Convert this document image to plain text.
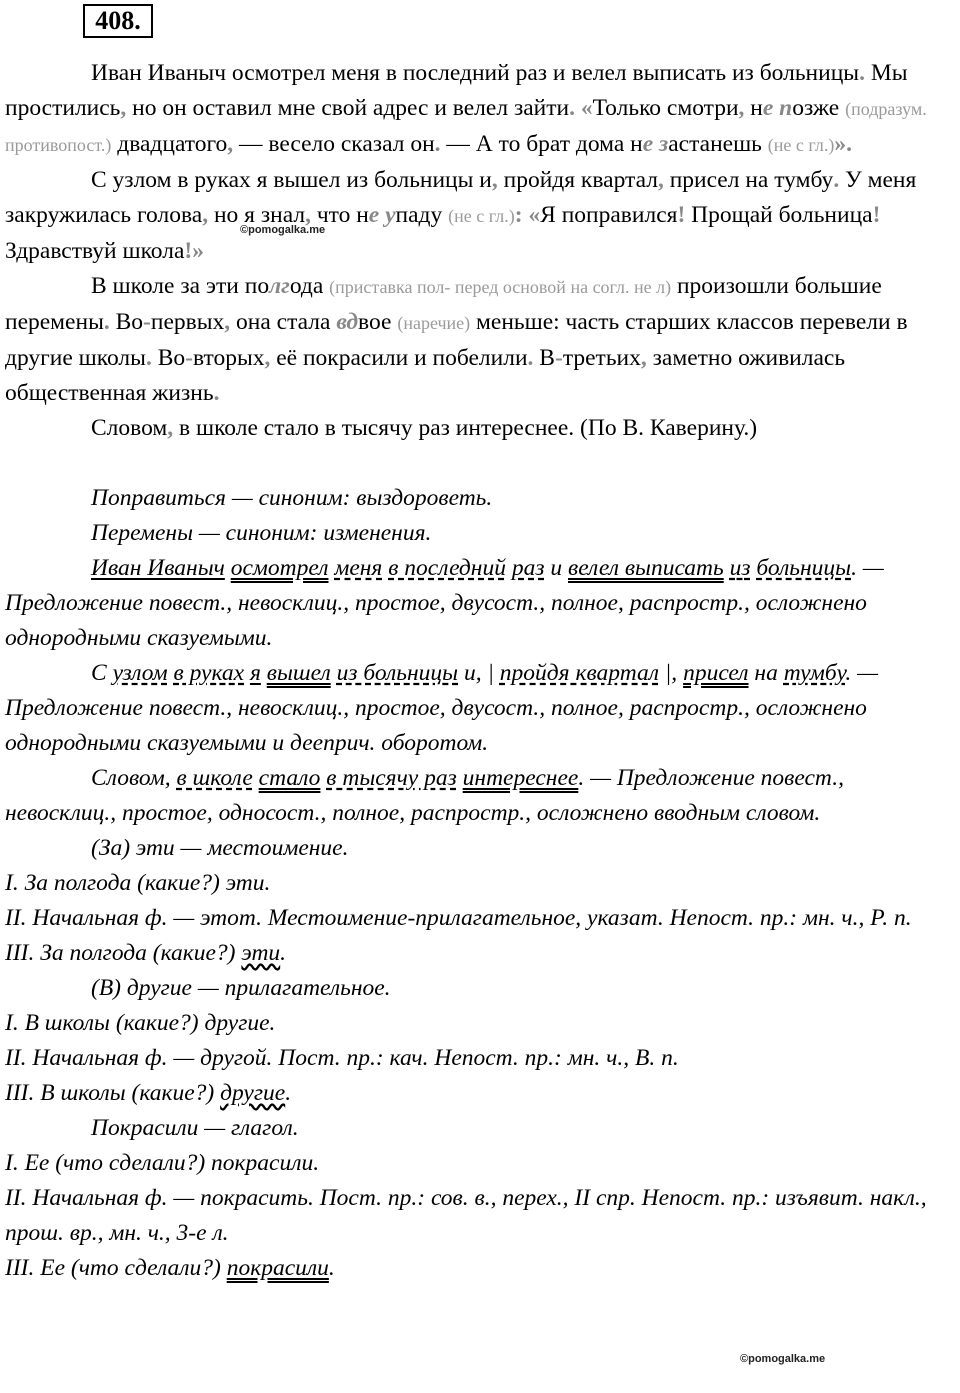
408.
©pomogalka.me
©pomogalka.me

Иван Иваныч осмотрел меня в последний раз и велел выписать из больницы. Мы простились, но он оставил мне свой адрес и велел зайти. «Только смотри, не позже (подразум. противопост.) двадцатого, — весело сказал он. — А то брат дома не застанешь (не с гл.)».

С узлом в руках я вышел из больницы и, пройдя квартал, присел на тумбу. У меня закружилась голова, но я знал, что не упаду (не с гл.): «Я поправился! Прощай больница! Здравствуй школа!»

В школе за эти полгода (приставка пол- перед основой на согл. не л) произошли большие перемены. Во-первых, она стала вдвое (наречие) меньше: часть старших классов перевели в другие школы. Во-вторых, её покрасили и побелили. В-третьих, заметно оживилась общественная жизнь.

Словом, в школе стало в тысячу раз интереснее. (По В. Каверину.)

Поправиться — синоним: выздороветь.

Перемены — синоним: изменения.

Иван Иваныч осмотрел меня в последний раз и велел выписать из больницы. — Предложение повест., невосклиц., простое, двусост., полное, распростр., осложнено однородными сказуемыми.

С узлом в руках я вышел из больницы и, | пройдя квартал |, присел на тумбу. — Предложение повест., невосклиц., простое, двусост., полное, распростр., осложнено однородными сказуемыми и дееприч. оборотом.

Словом, в школе стало в тысячу раз интереснее. — Предложение повест., невосклиц., простое, односост., полное, распростр., осложнено вводным словом.

(За) эти — местоимение.

I. За полгода (какие?) эти.

II. Начальная ф. — этот. Местоимение-прилагательное, указат. Непост. пр.: мн. ч., Р. п.

III. За полгода (какие?) эти.

(В) другие — прилагательное.

I. В школы (какие?) другие.

II. Начальная ф. — другой. Пост. пр.: кач. Непост. пр.: мн. ч., В. п.

III. В школы (какие?) другие.

Покрасили — глагол.

I. Ее (что сделали?) покрасили.

II. Начальная ф. — покрасить. Пост. пр.: сов. в., перех., II спр. Непост. пр.: изъявит. накл., прош. вр., мн. ч., 3-е л.

III. Ее (что сделали?) покрасили.
